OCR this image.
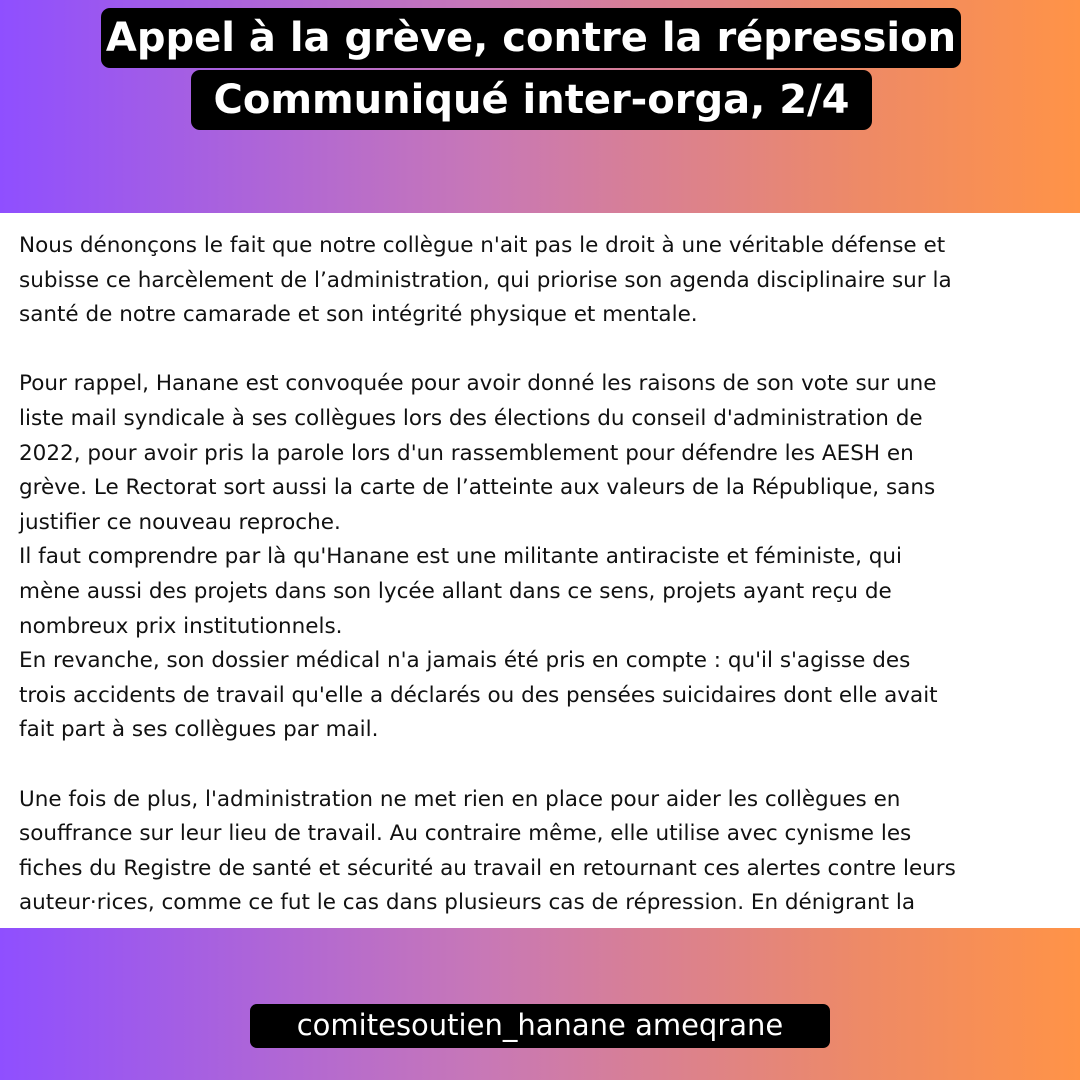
Appel à la grève, contre la répression
Communiqué inter-orga, 2/4
Nous dénonçons le fait que notre collègue n'ait pas le droit à une véritable défense et
subisse ce harcèlement de l’administration, qui priorise son agenda disciplinaire sur la
santé de notre camarade et son intégrité physique et mentale.
Pour rappel, Hanane est convoquée pour avoir donné les raisons de son vote sur une
liste mail syndicale à ses collègues lors des élections du conseil d'administration de
2022, pour avoir pris la parole lors d'un rassemblement pour défendre les AESH en
grève. Le Rectorat sort aussi la carte de l’atteinte aux valeurs de la République, sans
justifier ce nouveau reproche.
Il faut comprendre par là qu'Hanane est une militante antiraciste et féministe, qui
mène aussi des projets dans son lycée allant dans ce sens, projets ayant reçu de
nombreux prix institutionnels.
En revanche, son dossier médical n'a jamais été pris en compte : qu'il s'agisse des
trois accidents de travail qu'elle a déclarés ou des pensées suicidaires dont elle avait
fait part à ses collègues par mail.
Une fois de plus, l'administration ne met rien en place pour aider les collègues en
souffrance sur leur lieu de travail. Au contraire même, elle utilise avec cynisme les
fiches du Registre de santé et sécurité au travail en retournant ces alertes contre leurs
auteur·rices, comme ce fut le cas dans plusieurs cas de répression. En dénigrant la
comitesoutien_hanane ameqrane
